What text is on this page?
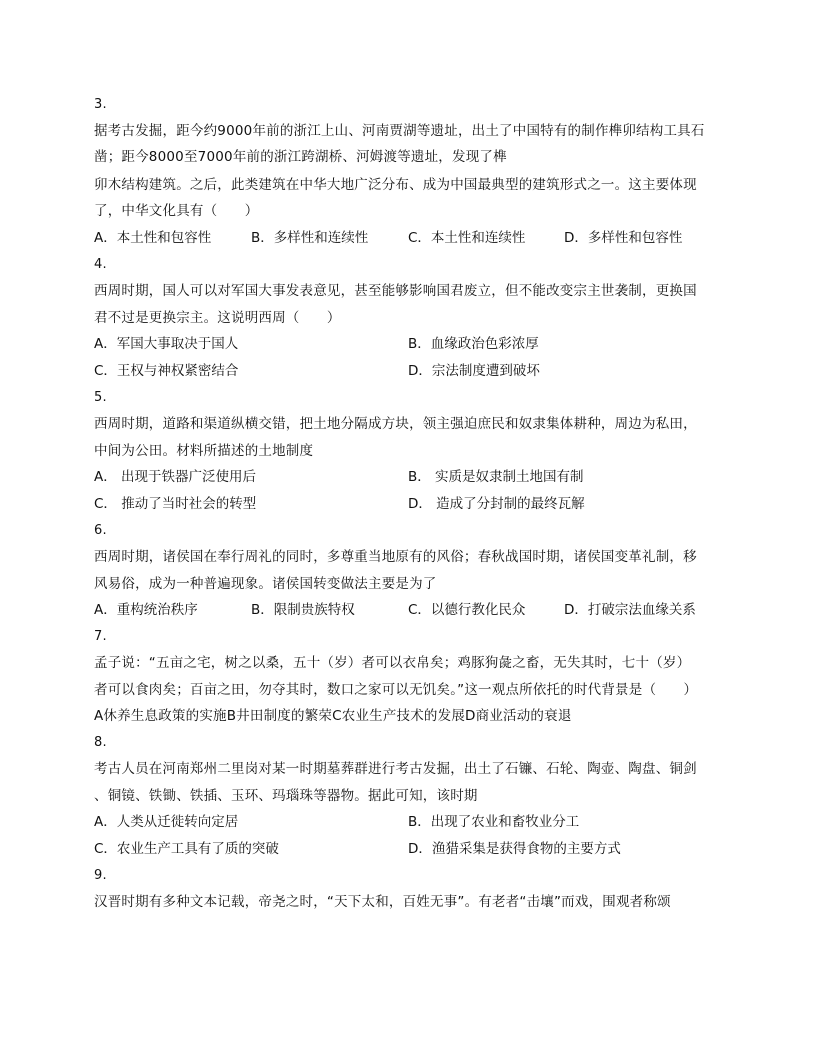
3.
据考古发掘，距今约9000年前的浙江上山、河南贾湖等遗址，出土了中国特有的制作榫卯结构工具石
凿；距今8000至7000年前的浙江跨湖桥、河姆渡等遗址，发现了榫
卯木结构建筑。之后，此类建筑在中华大地广泛分布、成为中国最典型的建筑形式之一。这主要体现
了，中华文化具有（　　）
A．本土性和包容性	B．多样性和连续性	C．本土性和连续性	D．多样性和包容性
4.
西周时期，国人可以对军国大事发表意见，甚至能够影响国君废立，但不能改变宗主世袭制，更换国
君不过是更换宗主。这说明西周（　　）
A．军国大事取决于国人	B．血缘政治色彩浓厚
C．王权与神权紧密结合	D．宗法制度遭到破坏
5.
西周时期，道路和渠道纵横交错，把土地分隔成方块，领主强迫庶民和奴隶集体耕种，周边为私田，
中间为公田。材料所描述的土地制度
A． 出现于铁器广泛使用后	B． 实质是奴隶制土地国有制
C． 推动了当时社会的转型	D． 造成了分封制的最终瓦解
6.
西周时期，诸侯国在奉行周礼的同时，多尊重当地原有的风俗；春秋战国时期，诸侯国变革礼制，移
风易俗，成为一种普遍现象。诸侯国转变做法主要是为了
A．重构统治秩序	B．限制贵族特权	C．以德行教化民众	D．打破宗法血缘关系
7.
孟子说：“五亩之宅，树之以桑，五十（岁）者可以衣帛矣；鸡豚狗彘之畜，无失其时，七十（岁）
者可以食肉矣；百亩之田，勿夺其时，数口之家可以无饥矣。”这一观点所依托的时代背景是（　　）
A休养生息政策的实施B井田制度的繁荣C农业生产技术的发展D商业活动的衰退
8.
考古人员在河南郑州二里岗对某一时期墓葬群进行考古发掘，出土了石镰、石轮、陶壶、陶盘、铜剑
、铜镜、铁锄、铁插、玉环、玛瑙珠等器物。据此可知，该时期
A．人类从迁徙转向定居	B．出现了农业和畜牧业分工
C．农业生产工具有了质的突破	D．渔猎采集是获得食物的主要方式
9.
汉晋时期有多种文本记载，帝尧之时，“天下太和，百姓无事”。有老者“击壤”而戏，围观者称颂
